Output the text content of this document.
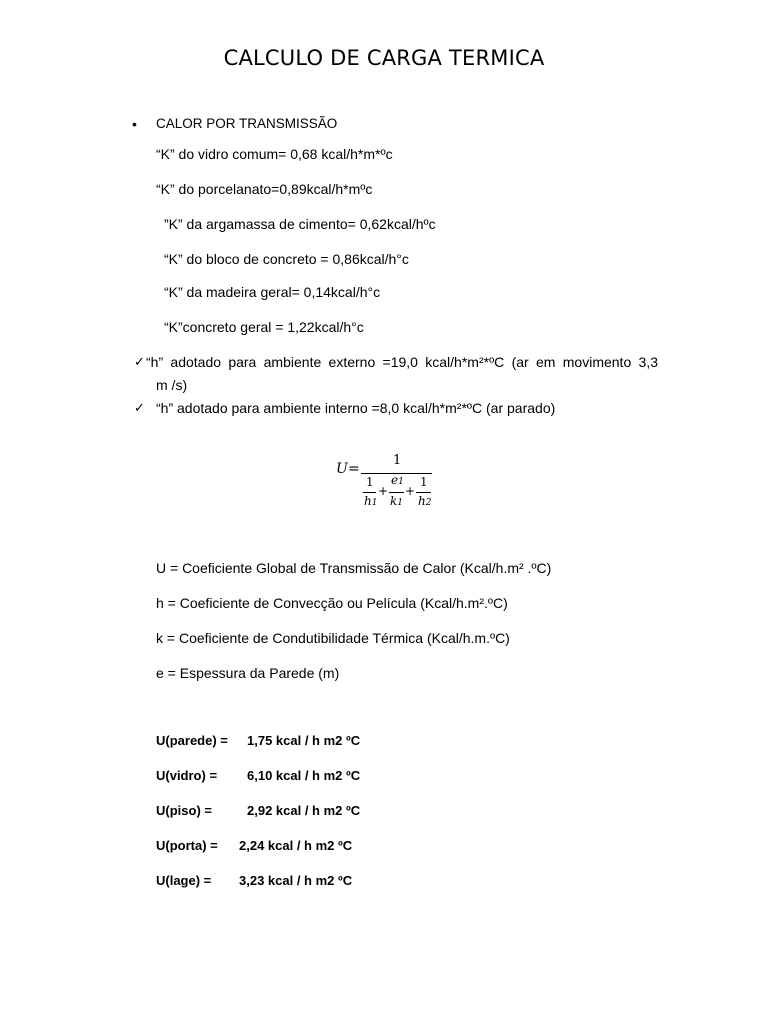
CALCULO DE CARGA TERMICA
• CALOR POR TRANSMISSÃO
“K” do vidro comum= 0,68 kcal/h*m*ºc
“K” do porcelanato=0,89kcal/h*mºc
”K” da argamassa de cimento= 0,62kcal/hºc
“K” do bloco de concreto = 0,86kcal/h°c
“K” da madeira geral= 0,14kcal/h°c
“K”concreto geral = 1,22kcal/h°c
✓ “h” adotado para ambiente externo =19,0 kcal/h*m²*ºC (ar em movimento 3,3
m /s)
✓ “h” adotado para ambiente interno =8,0 kcal/h*m²*ºC (ar parado)
U =
1
1
h1
+
e1
k1
+
1
h2
U = Coeficiente Global de Transmissão de Calor (Kcal/h.m² .ºC)
h = Coeficiente de Convecção ou Película (Kcal/h.m².ºC)
k = Coeficiente de Condutibilidade Térmica (Kcal/h.m.ºC)
e = Espessura da Parede (m)
U(parede) = 1,75 kcal / h m2 ºC
U(vidro) = 6,10 kcal / h m2 ºC
U(piso) =	2,92 kcal / h m2 ºC
U(porta) = 2,24 kcal / h m2 ºC
U(lage) = 3,23 kcal / h m2 ºC
